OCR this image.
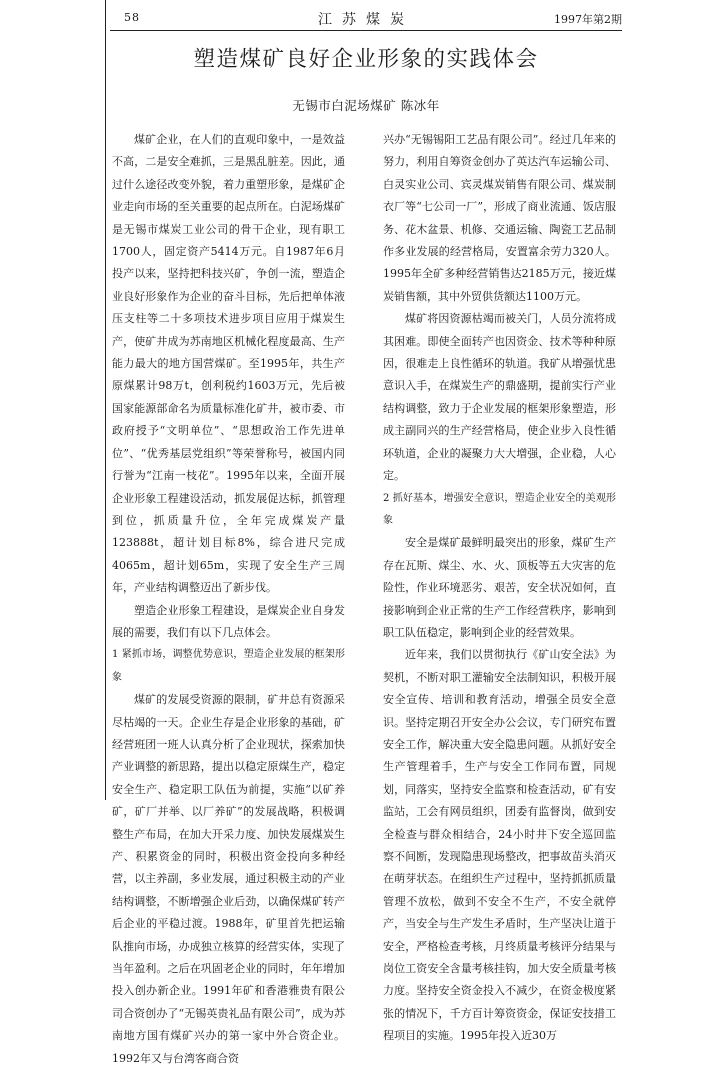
58	江苏煤炭	1997年第2期
塑造煤矿良好企业形象的实践体会
无锡市白泥场煤矿 陈冰年

煤矿企业，在人们的直观印象中，一是效益不高，二是安全难抓，三是黑乱脏差。因此，通过什么途径改变外貌，着力重塑形象，是煤矿企业走向市场的至关重要的起点所在。白泥场煤矿是无锡市煤炭工业公司的骨干企业，现有职工1700人，固定资产5414万元。自1987年6月投产以来，坚持把科技兴矿，争创一流，塑造企业良好形象作为企业的奋斗目标，先后把单体液压支柱等二十多项技术进步项目应用于煤炭生产，使矿井成为苏南地区机械化程度最高、生产能力最大的地方国营煤矿。至1995年，共生产原煤累计98万t，创利税约1603万元，先后被国家能源部命名为质量标准化矿井，被市委、市政府授予“文明单位”、“思想政治工作先进单位”、“优秀基层党组织”等荣誉称号，被国内同行誉为“江南一枝花”。1995年以来，全面开展企业形象工程建设活动，抓发展促达标，抓管理到位，抓质量升位，全年完成煤炭产量123888t，超计划目标8%，综合进尺完成4065m，超计划65m，实现了安全生产三周年，产业结构调整迈出了新步伐。

塑造企业形象工程建设，是煤炭企业自身发展的需要，我们有以下几点体会。

1 紧抓市场，调整优势意识，塑造企业发展的框架形象

煤矿的发展受资源的限制，矿井总有资源采尽枯竭的一天。企业生存是企业形象的基础，矿经营班团一班人认真分析了企业现状，探索加快产业调整的新思路，提出以稳定原煤生产，稳定安全生产、稳定职工队伍为前提，实施“以矿养矿，矿厂并举、以厂养矿”的发展战略，积极调整生产布局，在加大开采力度、加快发展煤炭生产、积累资金的同时，积极出资金投向多种经营，以主养副，多业发展，通过积极主动的产业结构调整，不断增强企业后劲，以确保煤矿转产后企业的平稳过渡。1988年，矿里首先把运输队推向市场，办成独立核算的经营实体，实现了当年盈利。之后在巩固老企业的同时，年年增加投入创办新企业。1991年矿和香港雅贵有限公司合资创办了“无锡英贵礼品有限公司”，成为苏南地方国有煤矿兴办的第一家中外合资企业。1992年又与台湾客商合资

兴办“无锡锡阳工艺品有限公司”。经过几年来的努力，利用自筹资金创办了英达汽车运输公司、白灵实业公司、宾灵煤炭销售有限公司、煤炭制衣厂等“七公司一厂”，形成了商业流通、饭店服务、花木盆景、机修、交通运输、陶瓷工艺品制作多业发展的经营格局，安置富余劳力320人。1995年全矿多种经营销售达2185万元，接近煤炭销售额，其中外贸供货额达1100万元。

煤矿将因资源枯竭而被关门，人员分流将成其困难。即使全面转产也因资金、技术等种种原因，很难走上良性循环的轨道。我矿从增强忧患意识入手，在煤炭生产的鼎盛期，提前实行产业结构调整，致力于企业发展的框架形象塑造，形成主副同兴的生产经营格局，使企业步入良性循环轨道，企业的凝聚力大大增强，企业稳，人心定。

2 抓好基本，增强安全意识，塑造企业安全的美观形象

安全是煤矿最鲜明最突出的形象，煤矿生产存在瓦斯、煤尘、水、火、顶板等五大灾害的危险性，作业环境恶劣、艰苦，安全状况如何，直接影响到企业正常的生产工作经营秩序，影响到职工队伍稳定，影响到企业的经营效果。

近年来，我们以贯彻执行《矿山安全法》为契机，不断对职工灌输安全法制知识，积极开展安全宣传、培训和教育活动，增强全员安全意识。坚持定期召开安全办公会议，专门研究布置安全工作，解决重大安全隐患问题。从抓好安全生产管理着手，生产与安全工作同布置，同规划，同落实，坚持安全监察和检查活动，矿有安监站，工会有网员组织，团委有监督岗，做到安全检查与群众相结合，24小时井下安全巡回监察不间断，发现隐患现场整改，把事故苗头消灭在萌芽状态。在组织生产过程中，坚持抓抓质量管理不放松，做到不安全不生产，不安全就停产，当安全与生产发生矛盾时，生产坚决让道于安全，严格检查考核，月终质量考核评分结果与岗位工资安全含量考核挂钩，加大安全质量考核力度。坚持安全资金投入不减少，在资金极度紧张的情况下，千方百计筹资资金，保证安技措工程项目的实施。1995年投入近30万
